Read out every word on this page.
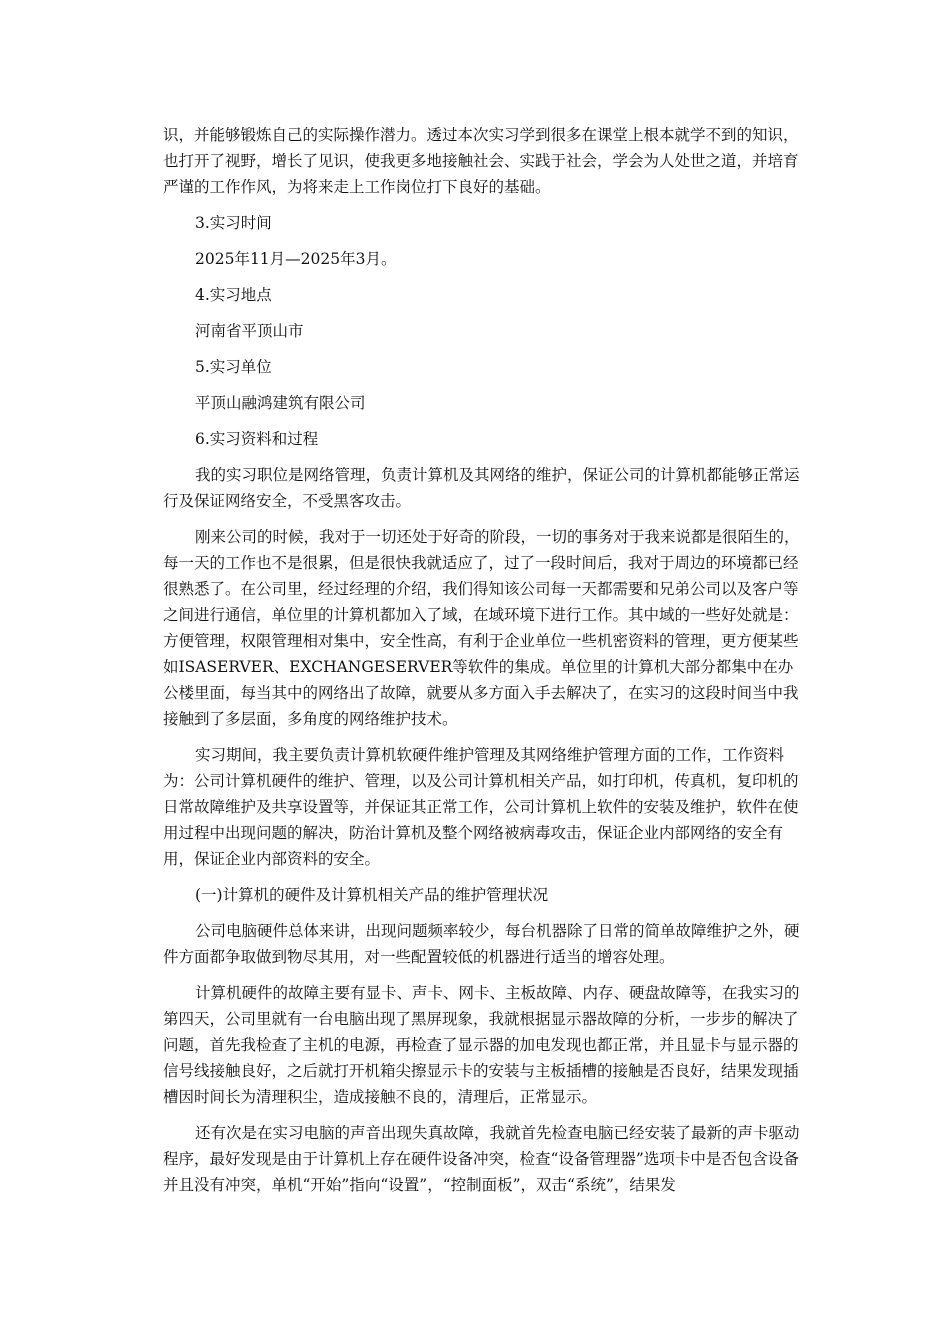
识，并能够锻炼自己的实际操作潜力。透过本次实习学到很多在课堂上根本就学不到的知识，也打开了视野，增长了见识，使我更多地接触社会、实践于社会，学会为人处世之道，并培育严谨的工作作风，为将来走上工作岗位打下良好的基础。

3.实习时间

2025年11月—2025年3月。

4.实习地点

河南省平顶山市

5.实习单位

平顶山融鸿建筑有限公司

6.实习资料和过程

我的实习职位是网络管理，负责计算机及其网络的维护，保证公司的计算机都能够正常运行及保证网络安全，不受黑客攻击。

刚来公司的时候，我对于一切还处于好奇的阶段，一切的事务对于我来说都是很陌生的，每一天的工作也不是很累，但是很快我就适应了，过了一段时间后，我对于周边的环境都已经很熟悉了。在公司里，经过经理的介绍，我们得知该公司每一天都需要和兄弟公司以及客户等之间进行通信，单位里的计算机都加入了域，在域环境下进行工作。其中域的一些好处就是：方便管理，权限管理相对集中，安全性高，有利于企业单位一些机密资料的管理，更方便某些如ISASERVER、EXCHANGESERVER等软件的集成。单位里的计算机大部分都集中在办公楼里面，每当其中的网络出了故障，就要从多方面入手去解决了，在实习的这段时间当中我接触到了多层面，多角度的网络维护技术。

实习期间，我主要负责计算机软硬件维护管理及其网络维护管理方面的工作，工作资料为：公司计算机硬件的维护、管理，以及公司计算机相关产品，如打印机，传真机，复印机的日常故障维护及共享设置等，并保证其正常工作，公司计算机上软件的安装及维护，软件在使用过程中出现问题的解决，防治计算机及整个网络被病毒攻击，保证企业内部网络的安全有用，保证企业内部资料的安全。

(一)计算机的硬件及计算机相关产品的维护管理状况

公司电脑硬件总体来讲，出现问题频率较少，每台机器除了日常的简单故障维护之外，硬件方面都争取做到物尽其用，对一些配置较低的机器进行适当的增容处理。

计算机硬件的故障主要有显卡、声卡、网卡、主板故障、内存、硬盘故障等，在我实习的第四天，公司里就有一台电脑出现了黑屏现象，我就根据显示器故障的分析，一步步的解决了问题，首先我检查了主机的电源，再检查了显示器的加电发现也都正常，并且显卡与显示器的信号线接触良好，之后就打开机箱尖擦显示卡的安装与主板插槽的接触是否良好，结果发现插槽因时间长为清理积尘，造成接触不良的，清理后，正常显示。

还有次是在实习电脑的声音出现失真故障，我就首先检查电脑已经安装了最新的声卡驱动程序，最好发现是由于计算机上存在硬件设备冲突，检查“设备管理器”选项卡中是否包含设备并且没有冲突，单机“开始”指向“设置”，“控制面板”，双击“系统”，结果发
